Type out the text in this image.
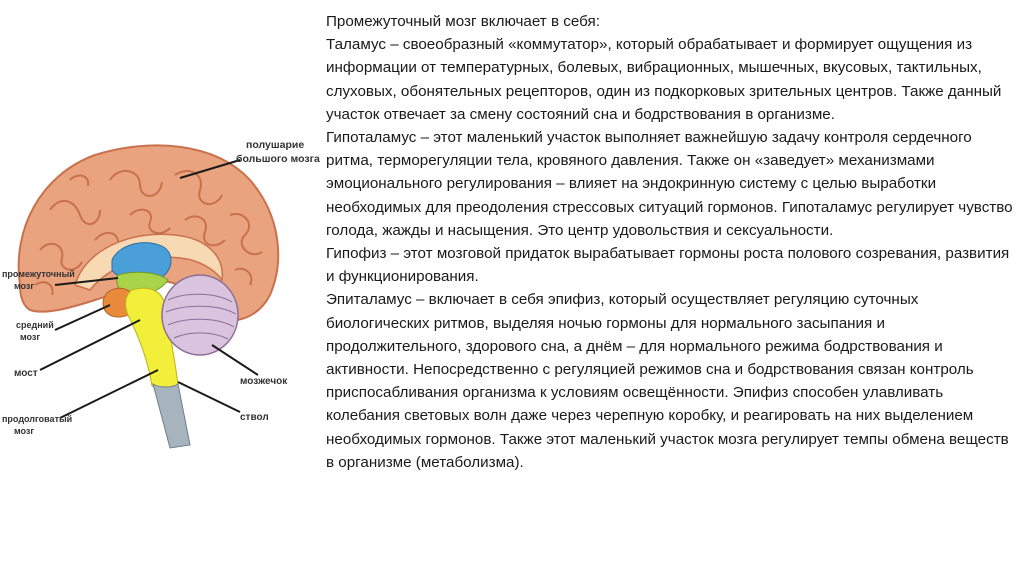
полушарие
большого мозга
промежуточный
мозг
средний
мозг
мост
продолговатый
мозг
мозжечок
ствол

Промежуточный мозг включает в себя:

Таламус – своеобразный «коммутатор», который обрабатывает и формирует ощущения из информации от температурных, болевых, вибрационных, мышечных, вкусовых, тактильных, слуховых, обонятельных рецепторов, один из подкорковых зрительных центров. Также данный участок отвечает за смену состояний сна и бодрствования в организме.

Гипоталамус – этот маленький участок выполняет важнейшую задачу контроля сердечного ритма, терморегуляции тела, кровяного давления. Также он «заведует» механизмами эмоционального регулирования – влияет на эндокринную систему с целью выработки необходимых для преодоления стрессовых ситуаций гормонов. Гипоталамус регулирует чувство голода, жажды и насыщения. Это центр удовольствия и сексуальности.

Гипофиз – этот мозговой придаток вырабатывает гормоны роста полового созревания, развития и функционирования.

Эпиталамус – включает в себя эпифиз, который осуществляет регуляцию суточных биологических ритмов, выделяя ночью гормоны для нормального засыпания и продолжительного, здорового сна, а днём – для нормального режима бодрствования и активности. Непосредственно с регуляцией режимов сна и бодрствования связан контроль приспосабливания организма к условиям освещённости. Эпифиз способен улавливать колебания световых волн даже через черепную коробку, и реагировать на них выделением необходимых гормонов. Также этот маленький участок мозга регулирует темпы обмена веществ в организме (метаболизма).
